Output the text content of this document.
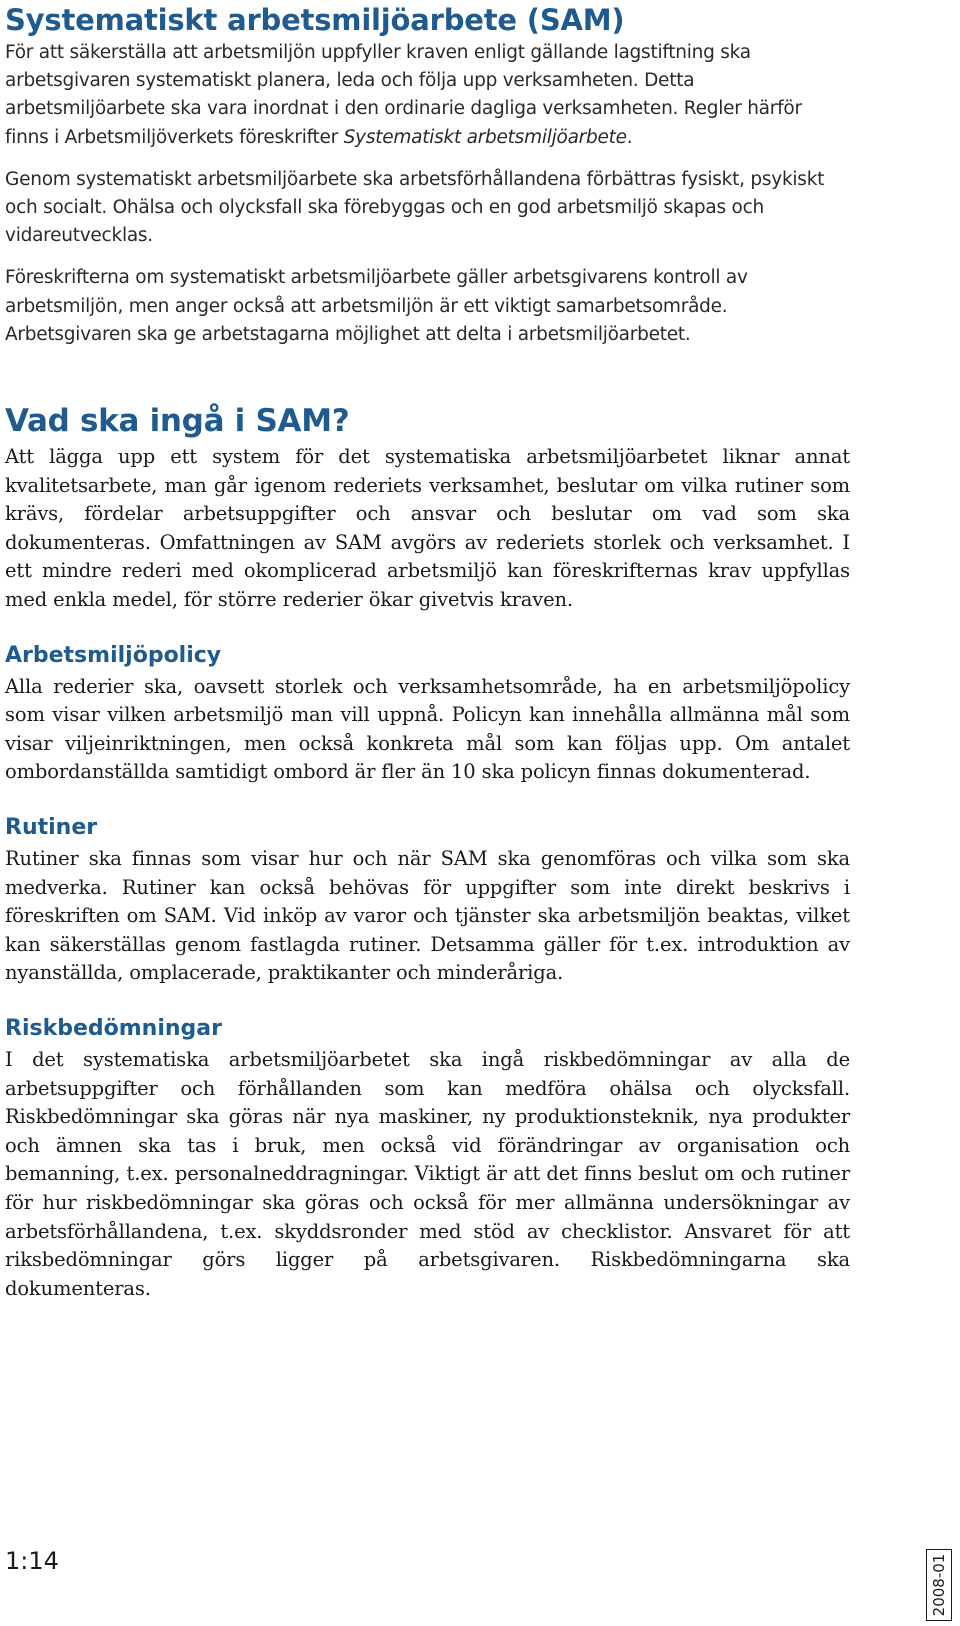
Systematiskt arbetsmiljöarbete (SAM)

För att säkerställa att arbetsmiljön uppfyller kraven enligt gällande lagstiftning ska arbetsgivaren systematiskt planera, leda och följa upp verksamheten. Detta arbetsmiljöarbete ska vara inordnat i den ordinarie dagliga verksamheten. Regler härför finns i Arbetsmiljöverkets föreskrifter Systematiskt arbetsmiljöarbete.

Genom systematiskt arbetsmiljöarbete ska arbetsförhållandena förbättras fysiskt, psykiskt och socialt. Ohälsa och olycksfall ska förebyggas och en god arbetsmiljö skapas och vidareutvecklas.

Föreskrifterna om systematiskt arbetsmiljöarbete gäller arbetsgivarens kontroll av arbetsmiljön, men anger också att arbetsmiljön är ett viktigt samarbetsområde. Arbetsgivaren ska ge arbetstagarna möjlighet att delta i arbetsmiljöarbetet.

Vad ska ingå i SAM?

Att lägga upp ett system för det systematiska arbetsmiljöarbetet liknar annat kvalitetsarbete, man går igenom rederiets verksamhet, beslutar om vilka rutiner som krävs, fördelar arbetsuppgifter och ansvar och beslutar om vad som ska dokumenteras. Omfattningen av SAM avgörs av rederiets storlek och verksamhet. I ett mindre rederi med okomplicerad arbetsmiljö kan föreskrifternas krav uppfyllas med enkla medel, för större rederier ökar givetvis kraven.

Arbetsmiljöpolicy

Alla rederier ska, oavsett storlek och verksamhetsområde, ha en arbetsmiljöpolicy som visar vilken arbetsmiljö man vill uppnå. Policyn kan innehålla allmänna mål som visar viljeinriktningen, men också konkreta mål som kan följas upp. Om antalet ombordanställda samtidigt ombord är fler än 10 ska policyn finnas dokumenterad.

Rutiner

Rutiner ska finnas som visar hur och när SAM ska genomföras och vilka som ska medverka. Rutiner kan också behövas för uppgifter som inte direkt beskrivs i föreskriften om SAM. Vid inköp av varor och tjänster ska arbetsmiljön beaktas, vilket kan säkerställas genom fastlagda rutiner. Detsamma gäller för t.ex. introduktion av nyanställda, omplacerade, praktikanter och minderåriga.

Riskbedömningar

I det systematiska arbetsmiljöarbetet ska ingå riskbedömningar av alla de arbetsuppgifter och förhållanden som kan medföra ohälsa och olycksfall. Riskbedömningar ska göras när nya maskiner, ny produktionsteknik, nya produkter och ämnen ska tas i bruk, men också vid förändringar av organisation och bemanning, t.ex. personalneddragningar. Viktigt är att det finns beslut om och rutiner för hur riskbedömningar ska göras och också för mer allmänna undersökningar av arbetsförhållandena, t.ex. skyddsronder med stöd av checklistor. Ansvaret för att riksbedömningar görs ligger på arbetsgivaren. Riskbedömningarna ska dokumenteras.

1:14	2008-01
